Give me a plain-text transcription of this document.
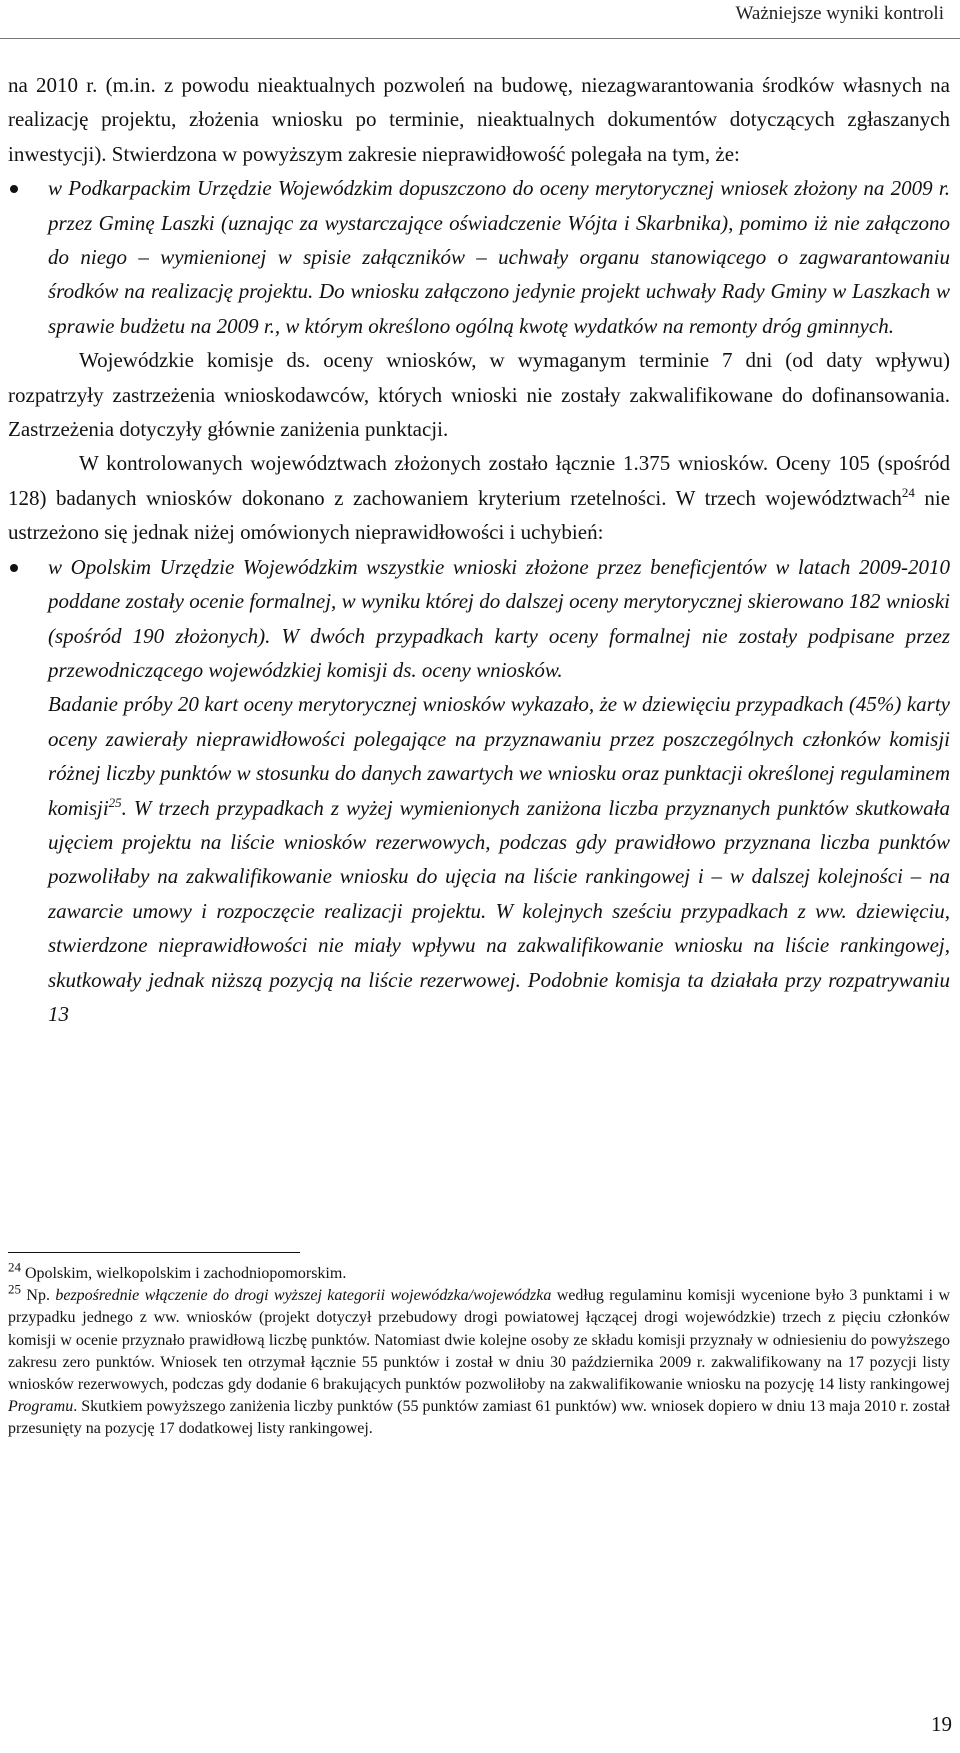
Ważniejsze wyniki kontroli

na 2010 r. (m.in. z powodu nieaktualnych pozwoleń na budowę, niezagwarantowania środków własnych na realizację projektu, złożenia wniosku po terminie, nieaktualnych dokumentów dotyczących zgłaszanych inwestycji). Stwierdzona w powyższym zakresie nieprawidłowość polegała na tym, że:

w Podkarpackim Urzędzie Wojewódzkim dopuszczono do oceny merytorycznej wniosek złożony na 2009 r. przez Gminę Laszki (uznając za wystarczające oświadczenie Wójta i Skarbnika), pomimo iż nie załączono do niego – wymienionej w spisie załączników – uchwały organu stanowiącego o zagwarantowaniu środków na realizację projektu. Do wniosku załączono jedynie projekt uchwały Rady Gminy w Laszkach w sprawie budżetu na 2009 r., w którym określono ogólną kwotę wydatków na remonty dróg gminnych.

Wojewódzkie komisje ds. oceny wniosków, w wymaganym terminie 7 dni (od daty wpływu) rozpatrzyły zastrzeżenia wnioskodawców, których wnioski nie zostały zakwalifikowane do dofinansowania. Zastrzeżenia dotyczyły głównie zaniżenia punktacji.

W kontrolowanych województwach złożonych zostało łącznie 1.375 wniosków. Oceny 105 (spośród 128) badanych wniosków dokonano z zachowaniem kryterium rzetelności. W trzech województwach$^{24}$ nie ustrzeżono się jednak niżej omówionych nieprawidłowości i uchybień:

w Opolskim Urzędzie Wojewódzkim wszystkie wnioski złożone przez beneficjentów w latach 2009-2010 poddane zostały ocenie formalnej, w wyniku której do dalszej oceny merytorycznej skierowano 182 wnioski (spośród 190 złożonych). W dwóch przypadkach karty oceny formalnej nie zostały podpisane przez przewodniczącego wojewódzkiej komisji ds. oceny wniosków.

Badanie próby 20 kart oceny merytorycznej wniosków wykazało, że w dziewięciu przypadkach (45%) karty oceny zawierały nieprawidłowości polegające na przyznawaniu przez poszczególnych członków komisji różnej liczby punktów w stosunku do danych zawartych we wniosku oraz punktacji określonej regulaminem komisji$^{25}$. W trzech przypadkach z wyżej wymienionych zaniżona liczba przyznanych punktów skutkowała ujęciem projektu na liście wniosków rezerwowych, podczas gdy prawidłowo przyznana liczba punktów pozwoliłaby na zakwalifikowanie wniosku do ujęcia na liście rankingowej i – w dalszej kolejności – na zawarcie umowy i rozpoczęcie realizacji projektu. W kolejnych sześciu przypadkach z ww. dziewięciu, stwierdzone nieprawidłowości nie miały wpływu na zakwalifikowanie wniosku na liście rankingowej, skutkowały jednak niższą pozycją na liście rezerwowej. Podobnie komisja ta działała przy rozpatrywaniu 13

$^{24}$ Opolskim, wielkopolskim i zachodniopomorskim.

$^{25}$ Np. bezpośrednie włączenie do drogi wyższej kategorii wojewódzka/wojewódzka według regulaminu komisji wycenione było 3 punktami i w przypadku jednego z ww. wniosków (projekt dotyczył przebudowy drogi powiatowej łączącej drogi wojewódzkie) trzech z pięciu członków komisji w ocenie przyznało prawidłową liczbę punktów. Natomiast dwie kolejne osoby ze składu komisji przyznały w odniesieniu do powyższego zakresu zero punktów. Wniosek ten otrzymał łącznie 55 punktów i został w dniu 30 października 2009 r. zakwalifikowany na 17 pozycji listy wniosków rezerwowych, podczas gdy dodanie 6 brakujących punktów pozwoliłoby na zakwalifikowanie wniosku na pozycję 14 listy rankingowej Programu. Skutkiem powyższego zaniżenia liczby punktów (55 punktów zamiast 61 punktów) ww. wniosek dopiero w dniu 13 maja 2010 r. został przesunięty na pozycję 17 dodatkowej listy rankingowej.

19
